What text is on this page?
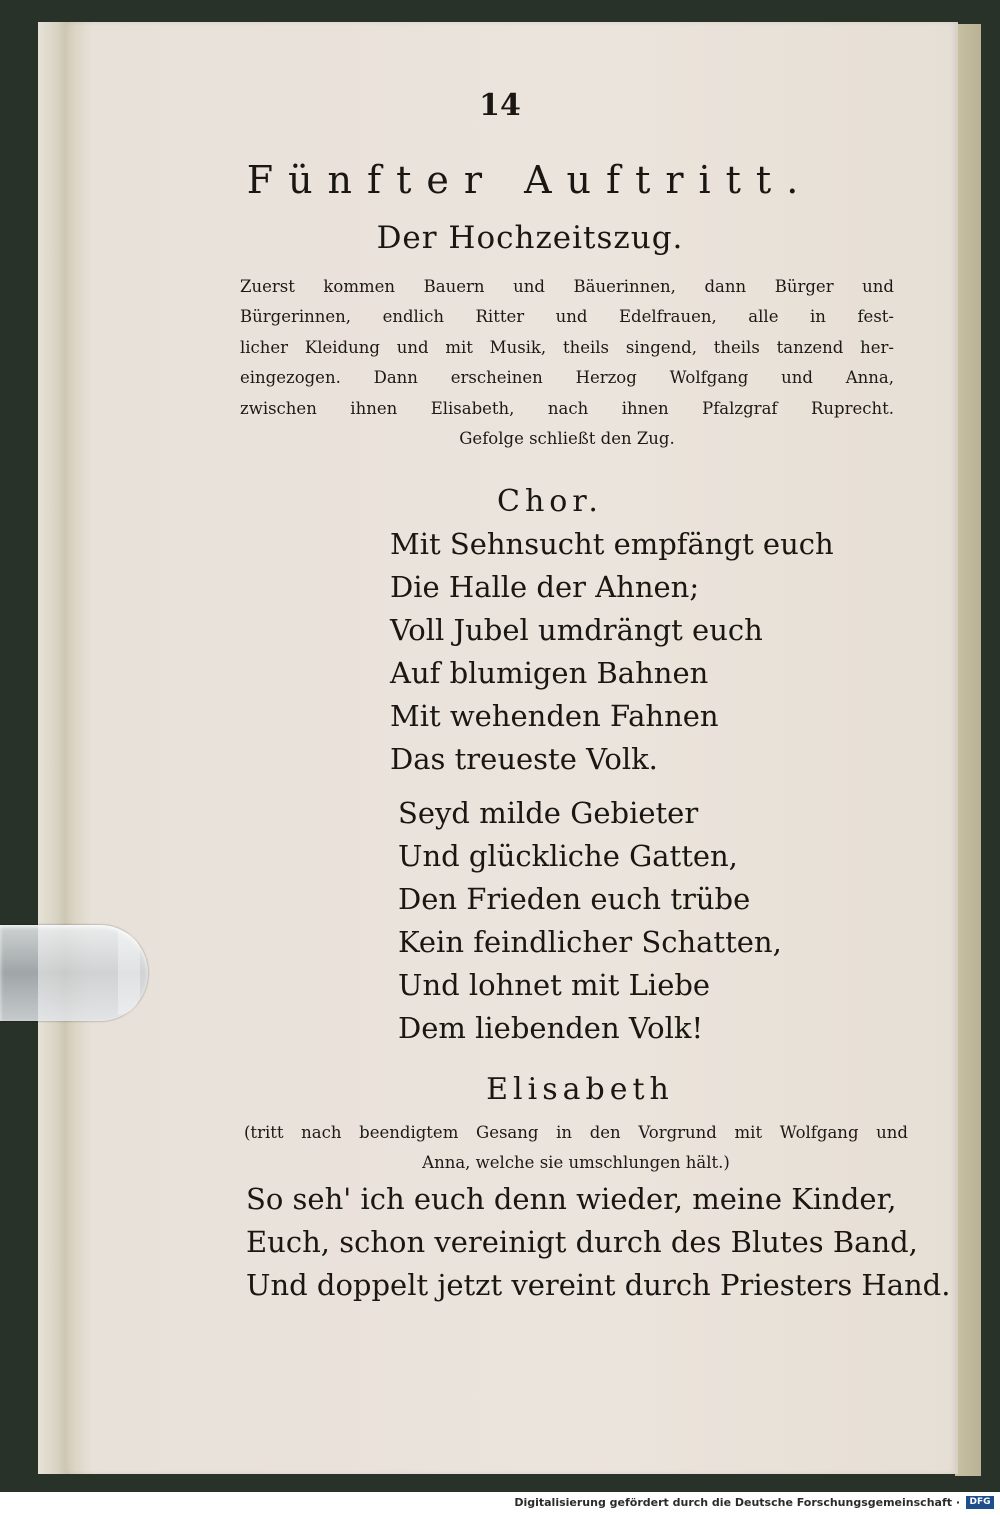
14
Fünfter Auftritt.
Der Hochzeitszug.
Zuerst kommen Bauern und Bäuerinnen, dann Bürger und
Bürgerinnen, endlich Ritter und Edelfrauen, alle in fest-
licher Kleidung und mit Musik, theils singend, theils tanzend her-
eingezogen. Dann erscheinen Herzog Wolfgang und Anna,
zwischen ihnen Elisabeth, nach ihnen Pfalzgraf Ruprecht.
Gefolge schließt den Zug.
Chor.
Mit Sehnsucht empfängt euch
Die Halle der Ahnen;
Voll Jubel umdrängt euch
Auf blumigen Bahnen
Mit wehenden Fahnen
Das treueste Volk.
Seyd milde Gebieter
Und glückliche Gatten,
Den Frieden euch trübe
Kein feindlicher Schatten,
Und lohnet mit Liebe
Dem liebenden Volk!
Elisabeth
(tritt nach beendigtem Gesang in den Vorgrund mit Wolfgang und
Anna, welche sie umschlungen hält.)
So seh' ich euch denn wieder, meine Kinder,
Euch, schon vereinigt durch des Blutes Band,
Und doppelt jetzt vereint durch Priesters Hand.
Digitalisierung gefördert durch die Deutsche Forschungsgemeinschaft ·	DFG
